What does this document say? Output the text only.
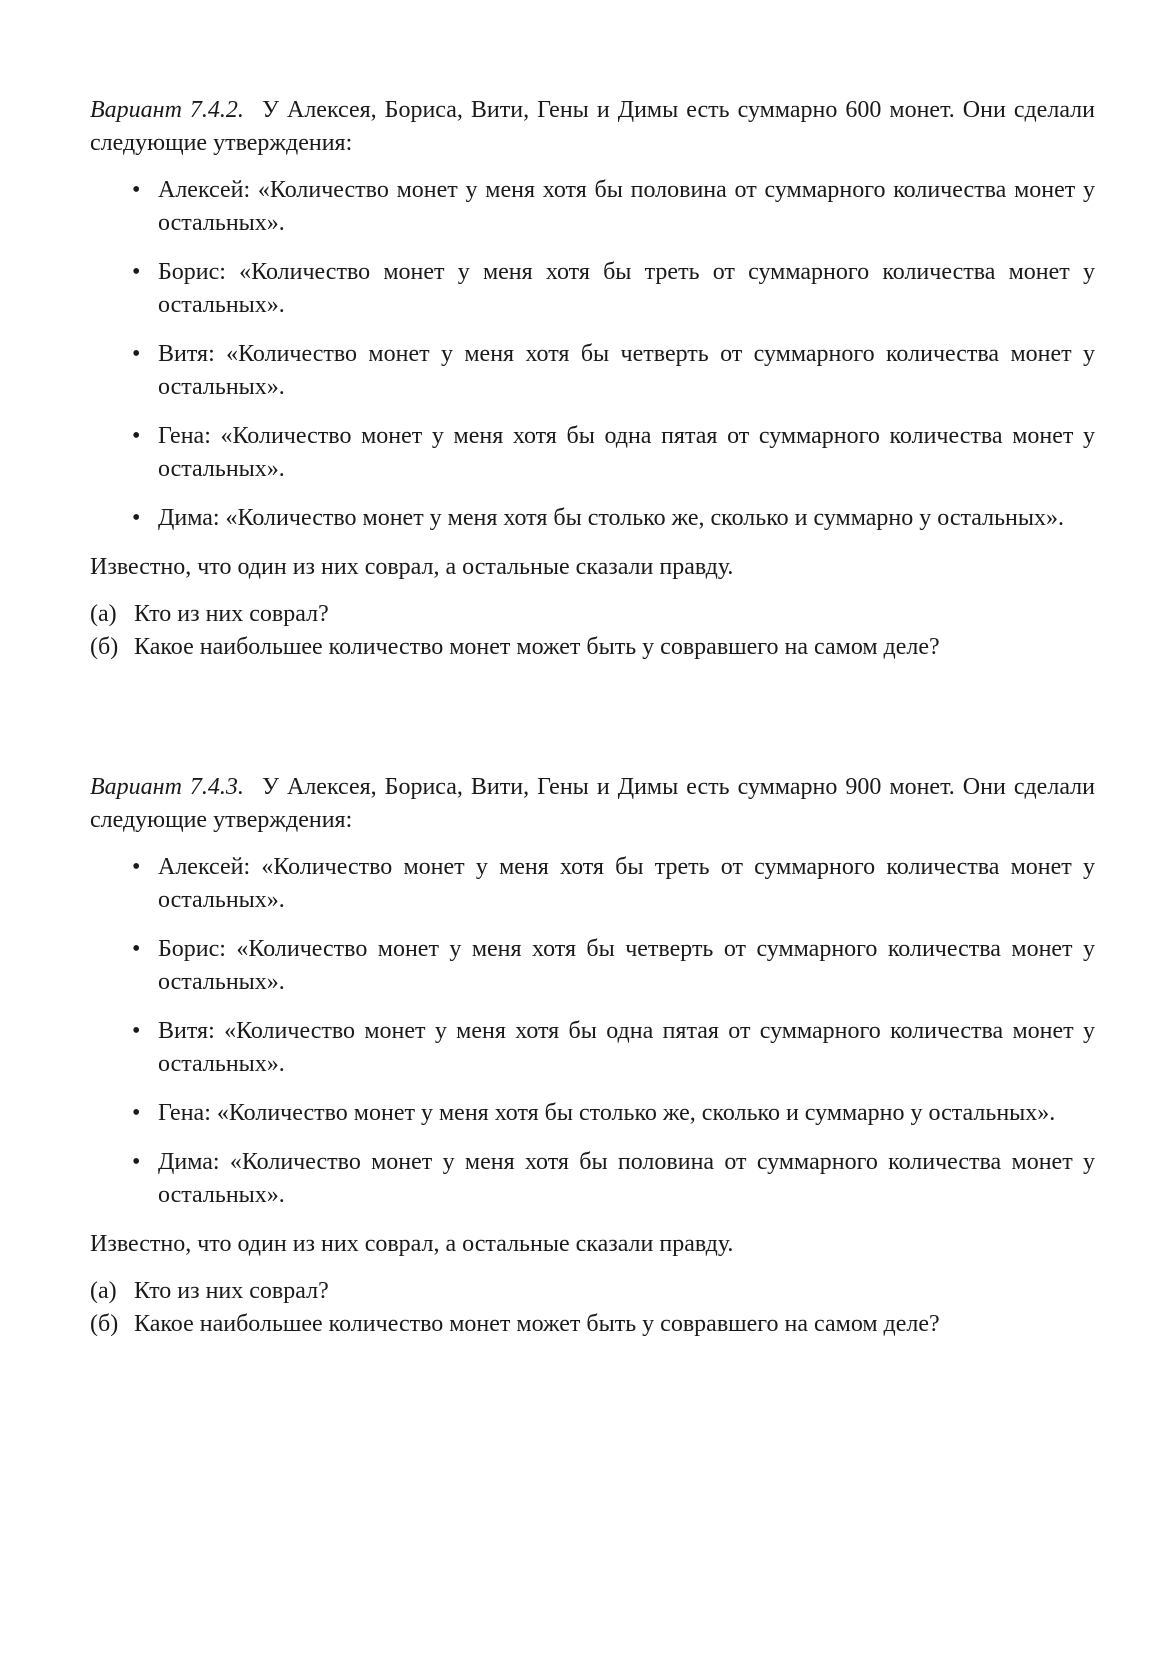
Вариант 7.4.2. У Алексея, Бориса, Вити, Гены и Димы есть суммарно 600 монет. Они сделали следующие утверждения:

• Алексей: «Количество монет у меня хотя бы половина от суммарного количества монет у остальных».
• Борис: «Количество монет у меня хотя бы треть от суммарного количества монет у остальных».
• Витя: «Количество монет у меня хотя бы четверть от суммарного количества монет у остальных».
• Гена: «Количество монет у меня хотя бы одна пятая от суммарного количества монет у остальных».
• Дима: «Количество монет у меня хотя бы столько же, сколько и суммарно у остальных».

Известно, что один из них соврал, а остальные сказали правду.

(а) Кто из них соврал?
(б) Какое наибольшее количество монет может быть у совравшего на самом деле?

Вариант 7.4.3. У Алексея, Бориса, Вити, Гены и Димы есть суммарно 900 монет. Они сделали следующие утверждения:

• Алексей: «Количество монет у меня хотя бы треть от суммарного количества монет у остальных».
• Борис: «Количество монет у меня хотя бы четверть от суммарного количества монет у остальных».
• Витя: «Количество монет у меня хотя бы одна пятая от суммарного количества монет у остальных».
• Гена: «Количество монет у меня хотя бы столько же, сколько и суммарно у остальных».
• Дима: «Количество монет у меня хотя бы половина от суммарного количества монет у остальных».

Известно, что один из них соврал, а остальные сказали правду.

(а) Кто из них соврал?
(б) Какое наибольшее количество монет может быть у совравшего на самом деле?
